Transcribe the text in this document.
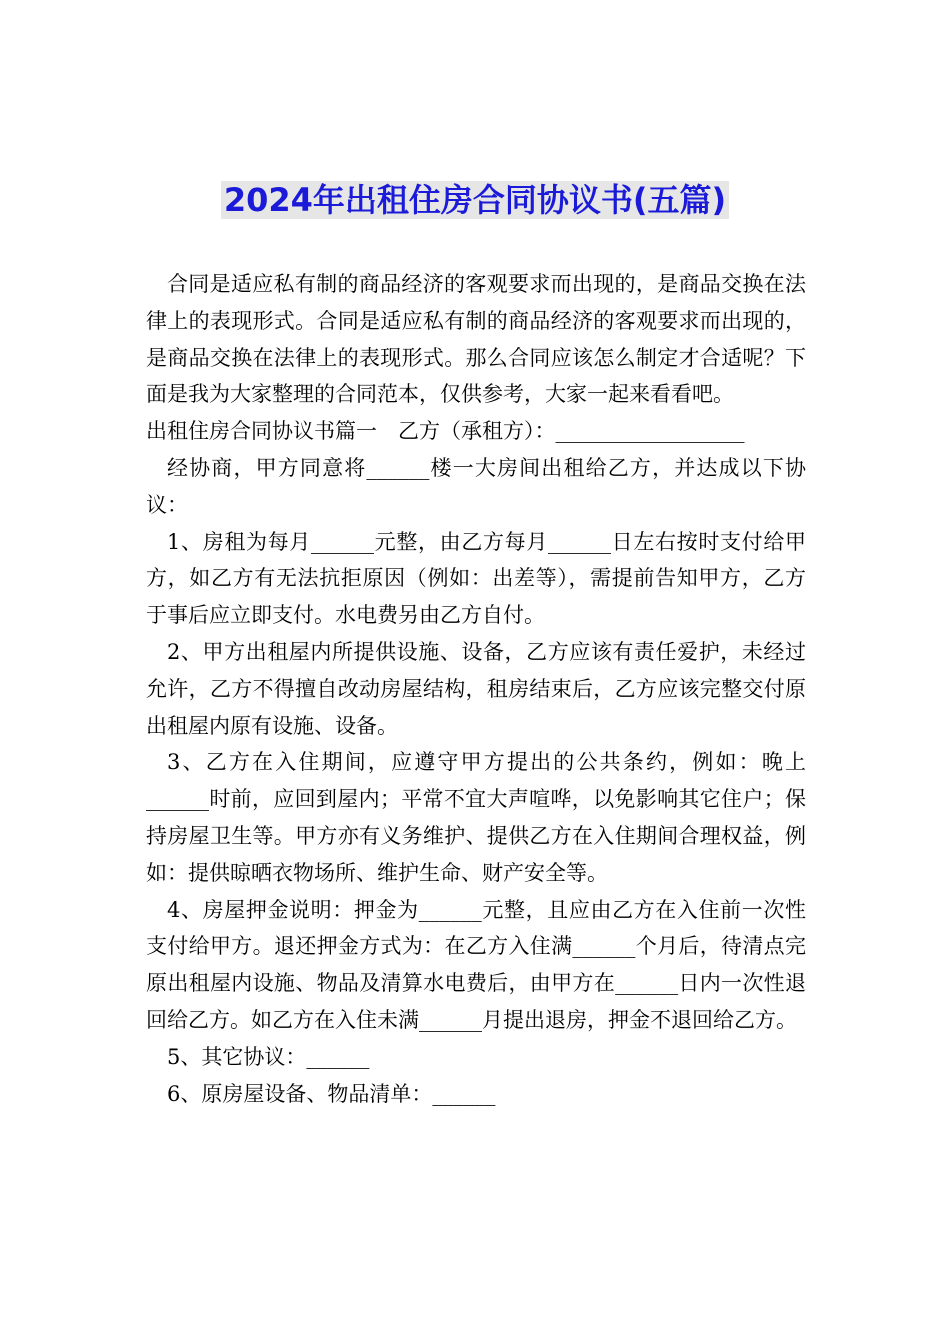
2024年出租住房合同协议书(五篇)

合同是适应私有制的商品经济的客观要求而出现的，是商品交换在法律上的表现形式。合同是适应私有制的商品经济的客观要求而出现的，是商品交换在法律上的表现形式。那么合同应该怎么制定才合适呢？下面是我为大家整理的合同范本，仅供参考，大家一起来看看吧。

出租住房合同协议书篇一　乙方（承租方）：__________________

经协商，甲方同意将______楼一大房间出租给乙方，并达成以下协议：

1、房租为每月______元整，由乙方每月______日左右按时支付给甲方，如乙方有无法抗拒原因（例如：出差等），需提前告知甲方，乙方于事后应立即支付。水电费另由乙方自付。

2、甲方出租屋内所提供设施、设备，乙方应该有责任爱护，未经过允许，乙方不得擅自改动房屋结构，租房结束后，乙方应该完整交付原出租屋内原有设施、设备。

3、乙方在入住期间，应遵守甲方提出的公共条约，例如：晚上______时前，应回到屋内；平常不宜大声喧哗，以免影响其它住户；保持房屋卫生等。甲方亦有义务维护、提供乙方在入住期间合理权益，例如：提供晾晒衣物场所、维护生命、财产安全等。

4、房屋押金说明：押金为______元整，且应由乙方在入住前一次性支付给甲方。退还押金方式为：在乙方入住满______个月后，待清点完原出租屋内设施、物品及清算水电费后，由甲方在______日内一次性退回给乙方。如乙方在入住未满______月提出退房，押金不退回给乙方。

5、其它协议：______

6、原房屋设备、物品清单：______
